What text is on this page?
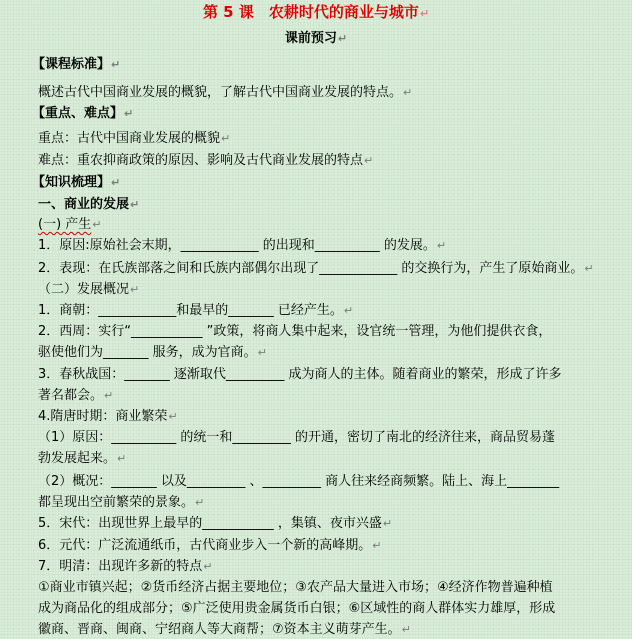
第 5 课　农耕时代的商业与城市↵
课前预习↵
【课程标准】↵
概述古代中国商业发展的概貌，了解古代中国商业发展的特点。↵
【重点、难点】↵
重点：古代中国商业发展的概貌↵
难点：重农抑商政策的原因、影响及古代商业发展的特点↵
【知识梳理】↵
一、商业的发展↵
(一) 产生↵
1．原因:原始社会末期，____________ 的出现和__________ 的发展。↵
2．表现：在氏族部落之间和氏族内部偶尔出现了____________ 的交换行为，产生了原始商业。↵
（二）发展概况↵
1．商朝：____________和最早的_______ 已经产生。↵
2．西周：实行“___________ ”政策，将商人集中起来，设官统一管理，为他们提供衣食，
驱使他们为_______ 服务，成为官商。↵
3．春秋战国：_______ 逐渐取代_________ 成为商人的主体。随着商业的繁荣，形成了许多
著名都会。↵
4.隋唐时期：商业繁荣↵
（1）原因：__________ 的统一和_________ 的开通，密切了南北的经济往来，商品贸易蓬
勃发展起来。↵
（2）概况：_______ 以及_________ 、_________ 商人往来经商频繁。陆上、海上________
都呈现出空前繁荣的景象。↵
5．宋代：出现世界上最早的___________ ，集镇、夜市兴盛↵
6．元代：广泛流通纸币，古代商业步入一个新的高峰期。↵
7．明清：出现许多新的特点↵
①商业市镇兴起；②货币经济占据主要地位；③农产品大量进入市场；④经济作物普遍种植
成为商品化的组成部分；⑤广泛使用贵金属货币白银；⑥区域性的商人群体实力雄厚，形成
徽商、晋商、闽商、宁绍商人等大商帮；⑦资本主义萌芽产生。↵
